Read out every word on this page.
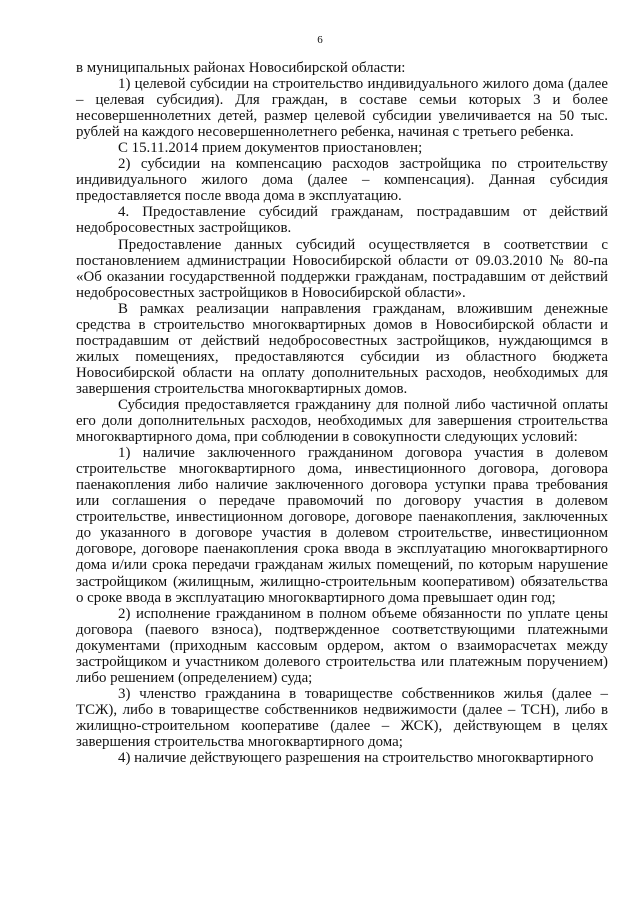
6

в муниципальных районах Новосибирской области:

1) целевой субсидии на строительство индивидуального жилого дома (далее – целевая субсидия). Для граждан, в составе семьи которых 3 и более несовершеннолетних детей, размер целевой субсидии увеличивается на 50 тыс. рублей на каждого несовершеннолетнего ребенка, начиная с третьего ребенка.

С 15.11.2014 прием документов приостановлен;

2) субсидии на компенсацию расходов застройщика по строительству индивидуального жилого дома (далее – компенсация). Данная субсидия предоставляется после ввода дома в эксплуатацию.

4. Предоставление субсидий гражданам, пострадавшим от действий недобросовестных застройщиков.

Предоставление данных субсидий осуществляется в соответствии с постановлением администрации Новосибирской области от 09.03.2010 № 80-па «Об оказании государственной поддержки гражданам, пострадавшим от действий недобросовестных застройщиков в Новосибирской области».

В рамках реализации направления гражданам, вложившим денежные средства в строительство многоквартирных домов в Новосибирской области и пострадавшим от действий недобросовестных застройщиков, нуждающимся в жилых помещениях, предоставляются субсидии из областного бюджета Новосибирской области на оплату дополнительных расходов, необходимых для завершения строительства многоквартирных домов.

Субсидия предоставляется гражданину для полной либо частичной оплаты его доли дополнительных расходов, необходимых для завершения строительства многоквартирного дома, при соблюдении в совокупности следующих условий:

1) наличие заключенного гражданином договора участия в долевом строительстве многоквартирного дома, инвестиционного договора, договора паенакопления либо наличие заключенного договора уступки права требования или соглашения о передаче правомочий по договору участия в долевом строительстве, инвестиционном договоре, договоре паенакопления, заключенных до указанного в договоре участия в долевом строительстве, инвестиционном договоре, договоре паенакопления срока ввода в эксплуатацию многоквартирного дома и/или срока передачи гражданам жилых помещений, по которым нарушение застройщиком (жилищным, жилищно-строительным кооперативом) обязательства о сроке ввода в эксплуатацию многоквартирного дома превышает один год;

2) исполнение гражданином в полном объеме обязанности по уплате цены договора (паевого взноса), подтвержденное соответствующими платежными документами (приходным кассовым ордером, актом о взаиморасчетах между застройщиком и участником долевого строительства или платежным поручением) либо решением (определением) суда;

3) членство гражданина в товариществе собственников жилья (далее – ТСЖ), либо в товариществе собственников недвижимости (далее – ТСН), либо в жилищно-строительном кооперативе (далее – ЖСК), действующем в целях завершения строительства многоквартирного дома;

4) наличие действующего разрешения на строительство многоквартирного
